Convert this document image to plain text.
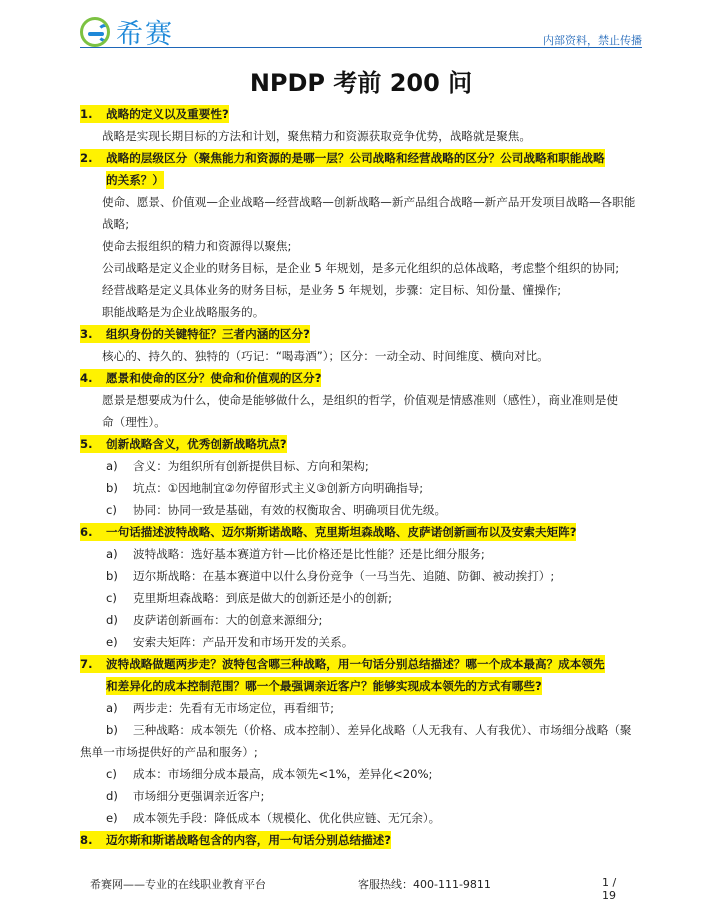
希赛	内部资料，禁止传播
NPDP 考前 200 问
1. 战略的定义以及重要性?
战略是实现长期目标的方法和计划，聚焦精力和资源获取竞争优势，战略就是聚焦。
2. 战略的层级区分（聚焦能力和资源的是哪一层？公司战略和经营战略的区分？公司战略和职能战略
的关系？）
使命、愿景、价值观—企业战略—经营战略—创新战略—新产品组合战略—新产品开发项目战略—各职能
战略;
使命去报组织的精力和资源得以聚焦;
公司战略是定义企业的财务目标，是企业 5 年规划，是多元化组织的总体战略，考虑整个组织的协同;
经营战略是定义具体业务的财务目标，是业务 5 年规划，步骤：定目标、知份量、懂操作;
职能战略是为企业战略服务的。
3. 组织身份的关键特征？三者内涵的区分?
核心的、持久的、独特的（巧记：“喝毒酒”）；区分：一动全动、时间维度、横向对比。
4. 愿景和使命的区分？使命和价值观的区分?
愿景是想要成为什么，使命是能够做什么，是组织的哲学，价值观是情感准则（感性），商业准则是使
命（理性）。
5. 创新战略含义，优秀创新战略坑点?
a)	含义：为组织所有创新提供目标、方向和架构;
b)	坑点：①因地制宜②勿停留形式主义③创新方向明确指导;
c)	协同：协同一致是基础，有效的权衡取舍、明确项目优先级。
6. 一句话描述波特战略、迈尔斯斯诺战略、克里斯坦森战略、皮萨诺创新画布以及安索夫矩阵?
a)	波特战略：选好基本赛道方针—比价格还是比性能？还是比细分服务;
b)	迈尔斯战略：在基本赛道中以什么身份竞争（一马当先、追随、防御、被动挨打）;
c)	克里斯坦森战略：到底是做大的创新还是小的创新;
d)	皮萨诺创新画布：大的创意来源细分;
e)	安索夫矩阵：产品开发和市场开发的关系。
7. 波特战略做题两步走？波特包含哪三种战略，用一句话分别总结描述？哪一个成本最高？成本领先
和差异化的成本控制范围？哪一个最强调亲近客户？能够实现成本领先的方式有哪些?
a)	两步走：先看有无市场定位，再看细节;
b)	三种战略：成本领先（价格、成本控制）、差异化战略（人无我有、人有我优）、市场细分战略（聚
焦单一市场提供好的产品和服务）;
c)	成本：市场细分成本最高，成本领先<1%，差异化<20%;
d)	市场细分更强调亲近客户;
e)	成本领先手段：降低成本（规模化、优化供应链、无冗余）。
8. 迈尔斯和斯诺战略包含的内容，用一句话分别总结描述?
希赛网——专业的在线职业教育平台	客服热线：400-111-9811	1 /
19
